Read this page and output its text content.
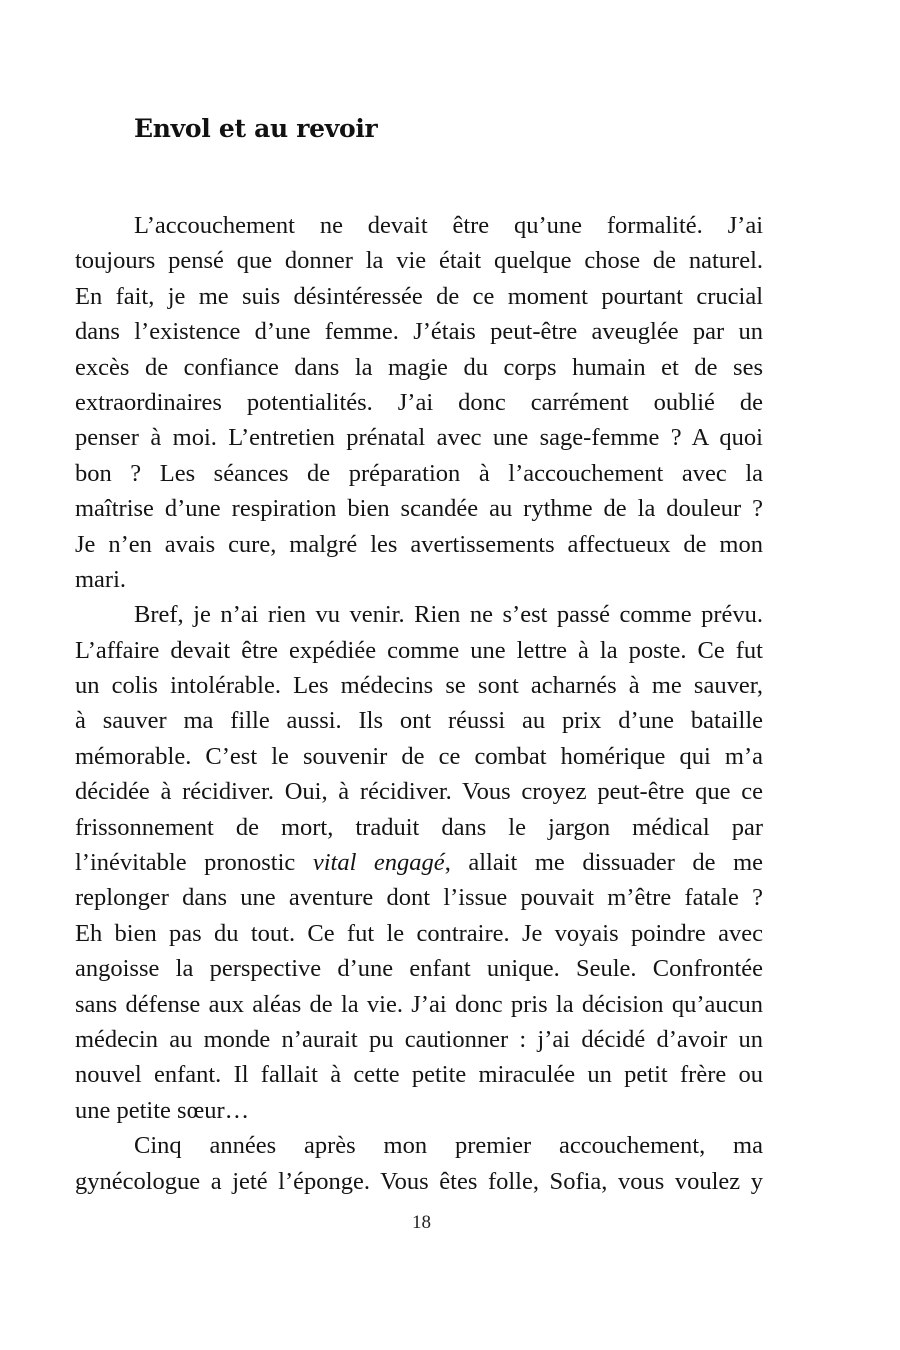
Envol et au revoir
L’accouchement ne devait être qu’une formalité. J’ai
toujours pensé que donner la vie était quelque chose de naturel.
En fait, je me suis désintéressée de ce moment pourtant crucial
dans l’existence d’une femme. J’étais peut-être aveuglée par un
excès de confiance dans la magie du corps humain et de ses
extraordinaires potentialités. J’ai donc carrément oublié de
penser à moi. L’entretien prénatal avec une sage-femme ? A quoi
bon ? Les séances de préparation à l’accouchement avec la
maîtrise d’une respiration bien scandée au rythme de la douleur ?
Je n’en avais cure, malgré les avertissements affectueux de mon
mari.
Bref, je n’ai rien vu venir. Rien ne s’est passé comme prévu.
L’affaire devait être expédiée comme une lettre à la poste. Ce fut
un colis intolérable. Les médecins se sont acharnés à me sauver,
à sauver ma fille aussi. Ils ont réussi au prix d’une bataille
mémorable. C’est le souvenir de ce combat homérique qui m’a
décidée à récidiver. Oui, à récidiver. Vous croyez peut-être que ce
frissonnement de mort, traduit dans le jargon médical par
l’inévitable pronostic vital engagé, allait me dissuader de me
replonger dans une aventure dont l’issue pouvait m’être fatale ?
Eh bien pas du tout. Ce fut le contraire. Je voyais poindre avec
angoisse la perspective d’une enfant unique. Seule. Confrontée
sans défense aux aléas de la vie. J’ai donc pris la décision qu’aucun
médecin au monde n’aurait pu cautionner : j’ai décidé d’avoir un
nouvel enfant. Il fallait à cette petite miraculée un petit frère ou
une petite sœur…
Cinq années après mon premier accouchement, ma
gynécologue a jeté l’éponge. Vous êtes folle, Sofia, vous voulez y
18
